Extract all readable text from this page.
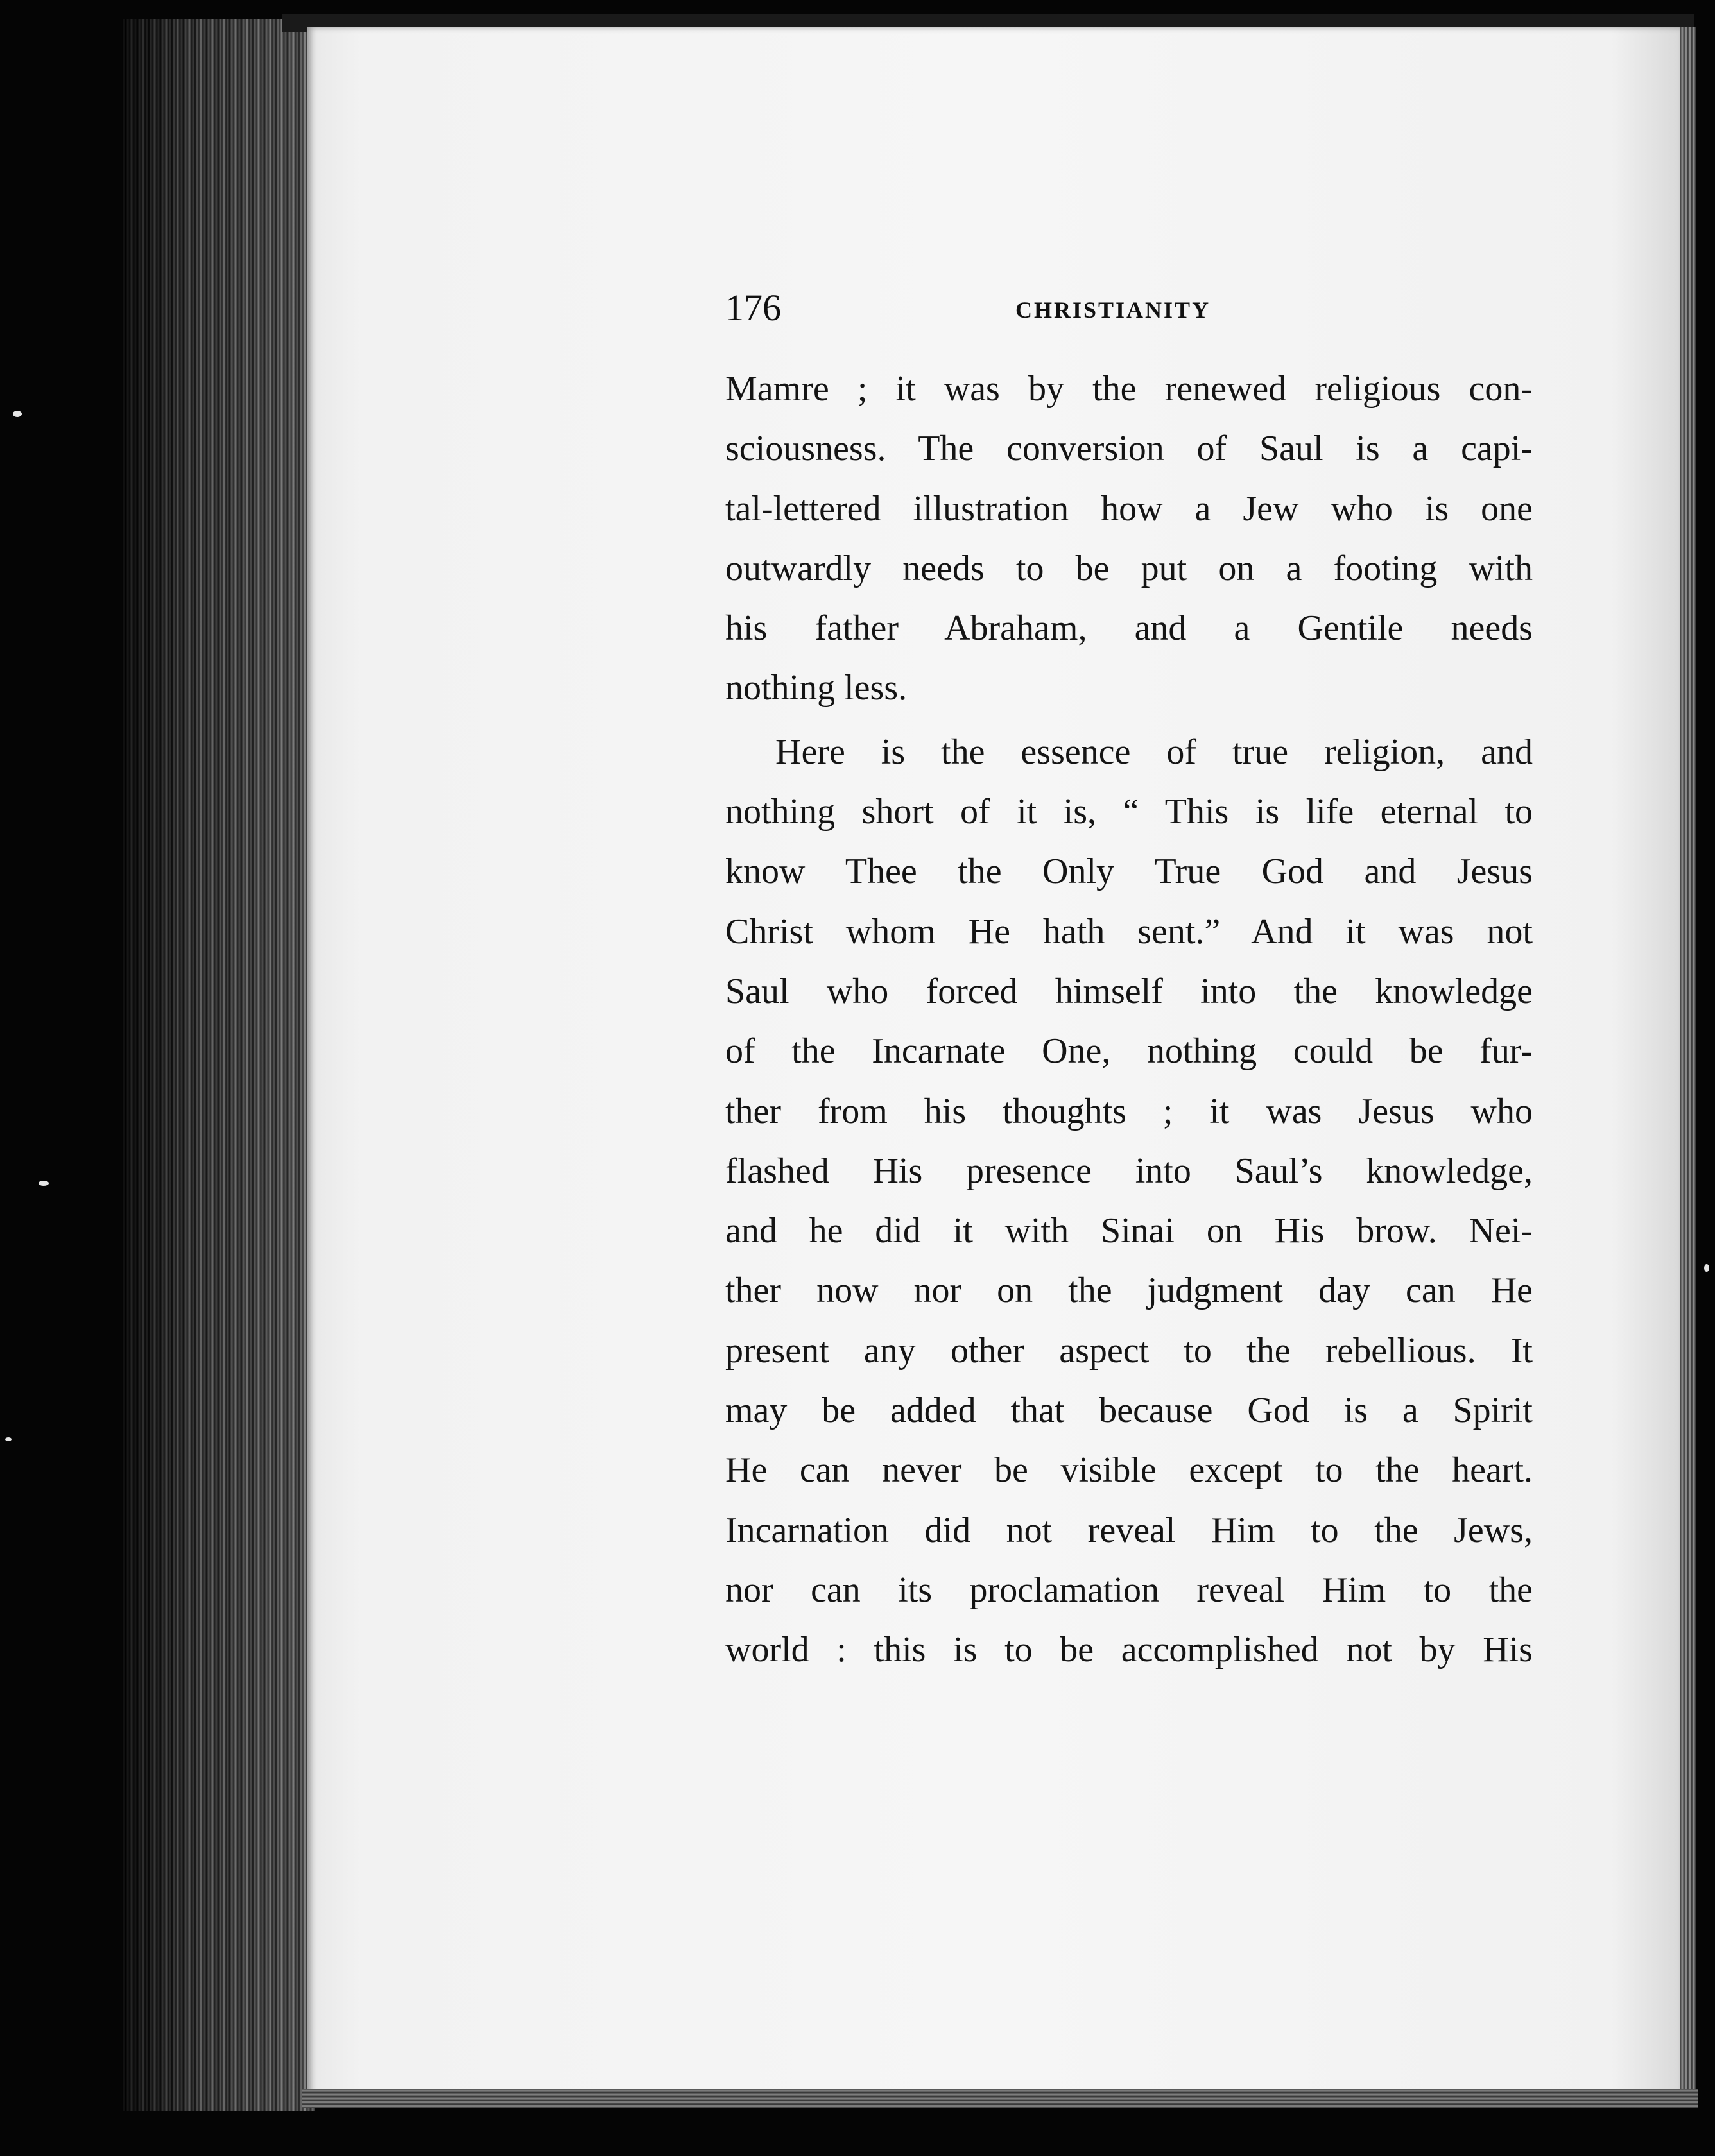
176	CHRISTIANITY
Mamre ; it was by the renewed religious con-
sciousness. The conversion of Saul is a capi-
tal-lettered illustration how a Jew who is one
outwardly needs to be put on a footing with
his father Abraham, and a Gentile needs
nothing less.
Here is the essence of true religion, and
nothing short of it is, “ This is life eternal to
know Thee the Only True God and Jesus
Christ whom He hath sent.” And it was not
Saul who forced himself into the knowledge
of the Incarnate One, nothing could be fur-
ther from his thoughts ; it was Jesus who
flashed His presence into Saul’s knowledge,
and he did it with Sinai on His brow. Nei-
ther now nor on the judgment day can He
present any other aspect to the rebellious. It
may be added that because God is a Spirit
He can never be visible except to the heart.
Incarnation did not reveal Him to the Jews,
nor can its proclamation reveal Him to the
world : this is to be accomplished not by His
